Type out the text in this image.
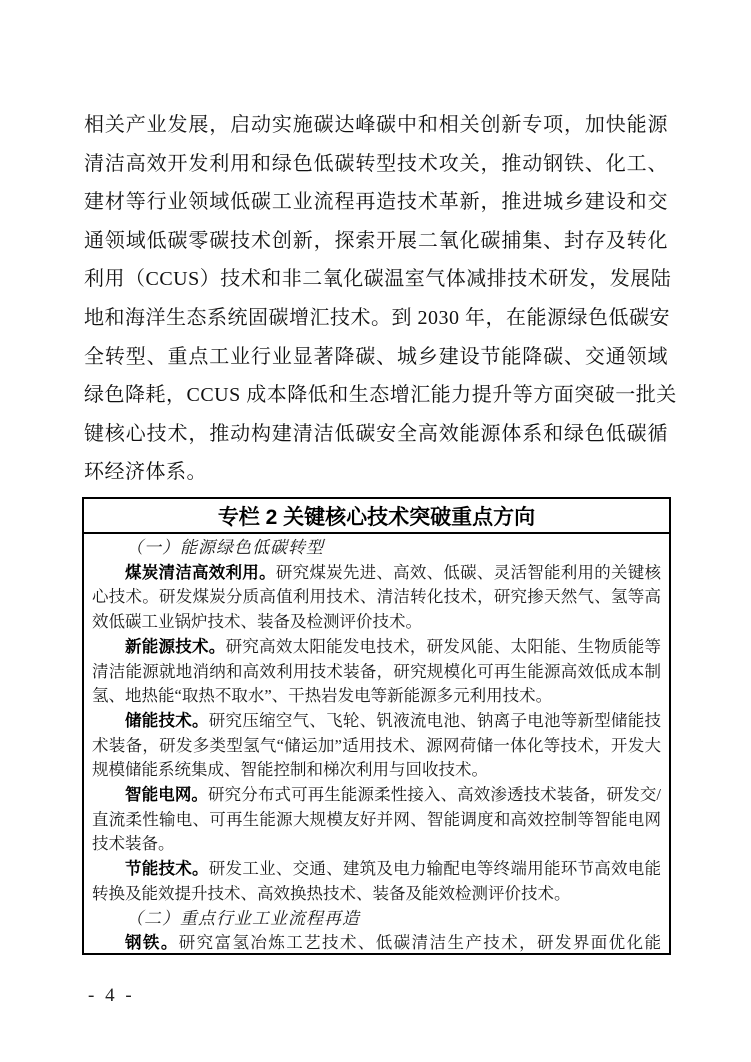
相关产业发展，启动实施碳达峰碳中和相关创新专项，加快能源
清洁高效开发利用和绿色低碳转型技术攻关，推动钢铁、化工、
建材等行业领域低碳工业流程再造技术革新，推进城乡建设和交
通领域低碳零碳技术创新，探索开展二氧化碳捕集、封存及转化
利用（CCUS）技术和非二氧化碳温室气体减排技术研发，发展陆
地和海洋生态系统固碳增汇技术。到 2030 年，在能源绿色低碳安
全转型、重点工业行业显著降碳、城乡建设节能降碳、交通领域
绿色降耗，CCUS 成本降低和生态增汇能力提升等方面突破一批关
键核心技术，推动构建清洁低碳安全高效能源体系和绿色低碳循
环经济体系。
专栏 2 关键核心技术突破重点方向
（一）能源绿色低碳转型

煤炭清洁高效利用。研究煤炭先进、高效、低碳、灵活智能利用的关键核心技术。研发煤炭分质高值利用技术、清洁转化技术，研究掺天然气、氢等高效低碳工业锅炉技术、装备及检测评价技术。

新能源技术。研究高效太阳能发电技术，研发风能、太阳能、生物质能等清洁能源就地消纳和高效利用技术装备，研究规模化可再生能源高效低成本制氢、地热能“取热不取水”、干热岩发电等新能源多元利用技术。

储能技术。研究压缩空气、飞轮、钒液流电池、钠离子电池等新型储能技术装备，研发多类型氢气“储运加”适用技术、源网荷储一体化等技术，开发大规模储能系统集成、智能控制和梯次利用与回收技术。

智能电网。研究分布式可再生能源柔性接入、高效渗透技术装备，研发交/直流柔性输电、可再生能源大规模友好并网、智能调度和高效控制等智能电网技术装备。

节能技术。研发工业、交通、建筑及电力输配电等终端用能环节高效电能转换及能效提升技术、高效换热技术、装备及能效检测评价技术。

（二）重点行业工业流程再造

钢铁。研究富氢冶炼工艺技术、低碳清洁生产技术，研发界面优化能

- 4 -
